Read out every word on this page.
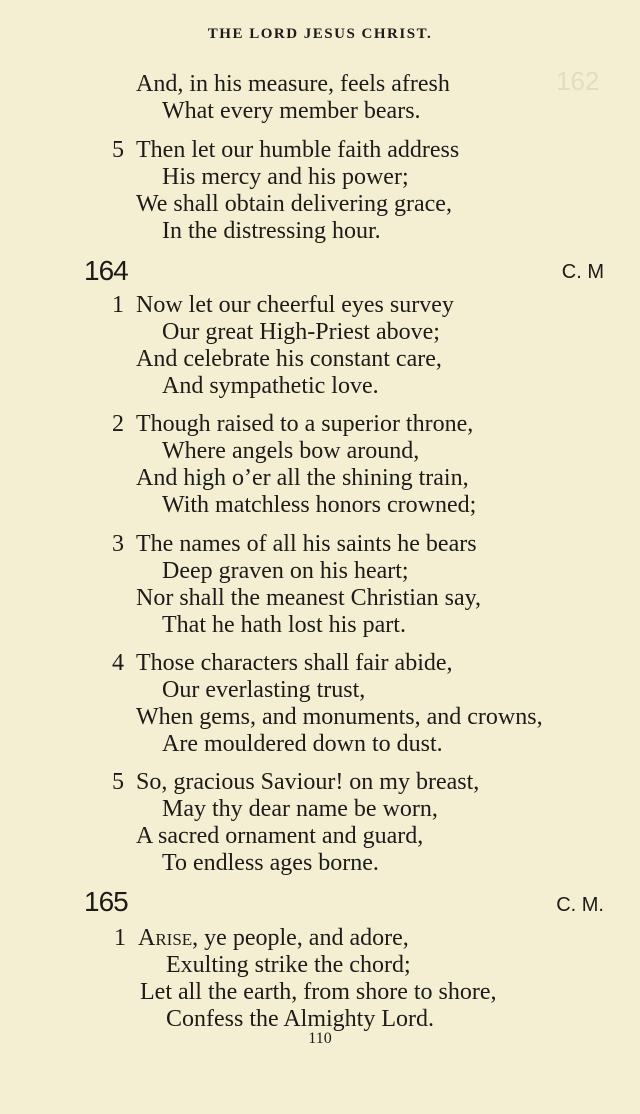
162
THE LORD JESUS CHRIST.
And, in his measure, feels afresh
What every member bears.
5 Then let our humble faith address
His mercy and his power;
We shall obtain delivering grace,
In the distressing hour.
164	C. M
1 Now let our cheerful eyes survey
Our great High-Priest above;
And celebrate his constant care,
And sympathetic love.
2 Though raised to a superior throne,
Where angels bow around,
And high o’er all the shining train,
With matchless honors crowned;
3 The names of all his saints he bears
Deep graven on his heart;
Nor shall the meanest Christian say,
That he hath lost his part.
4 Those characters shall fair abide,
Our everlasting trust,
When gems, and monuments, and crowns,
Are mouldered down to dust.
5 So, gracious Saviour! on my breast,
May thy dear name be worn,
A sacred ornament and guard,
To endless ages borne.
165	C. M.
1 Arise, ye people, and adore,
Exulting strike the chord;
Let all the earth, from shore to shore,
Confess the Almighty Lord.
110
